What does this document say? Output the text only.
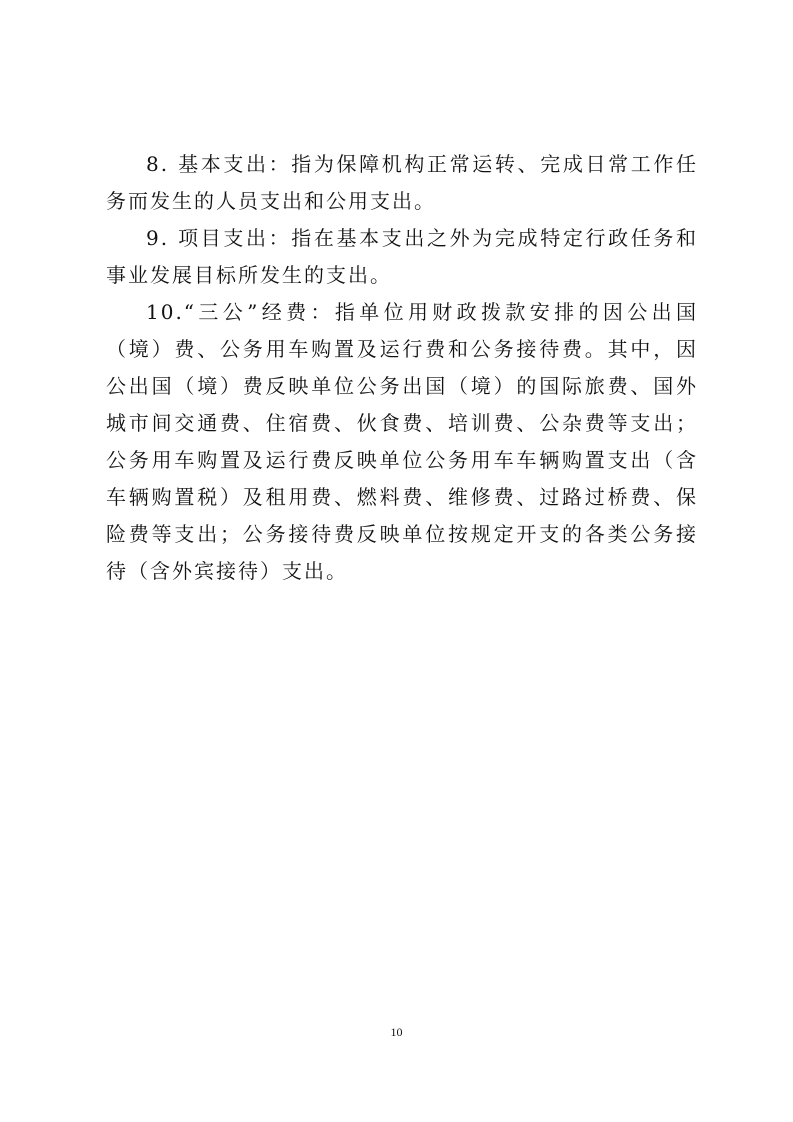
8. 基本支出：指为保障机构正常运转、完成日常工作任务而发生的人员支出和公用支出。

9. 项目支出：指在基本支出之外为完成特定行政任务和事业发展目标所发生的支出。

10.“三公”经费：指单位用财政拨款安排的因公出国（境）费、公务用车购置及运行费和公务接待费。其中，因公出国（境）费反映单位公务出国（境）的国际旅费、国外城市间交通费、住宿费、伙食费、培训费、公杂费等支出；公务用车购置及运行费反映单位公务用车车辆购置支出（含车辆购置税）及租用费、燃料费、维修费、过路过桥费、保险费等支出；公务接待费反映单位按规定开支的各类公务接待（含外宾接待）支出。

10
